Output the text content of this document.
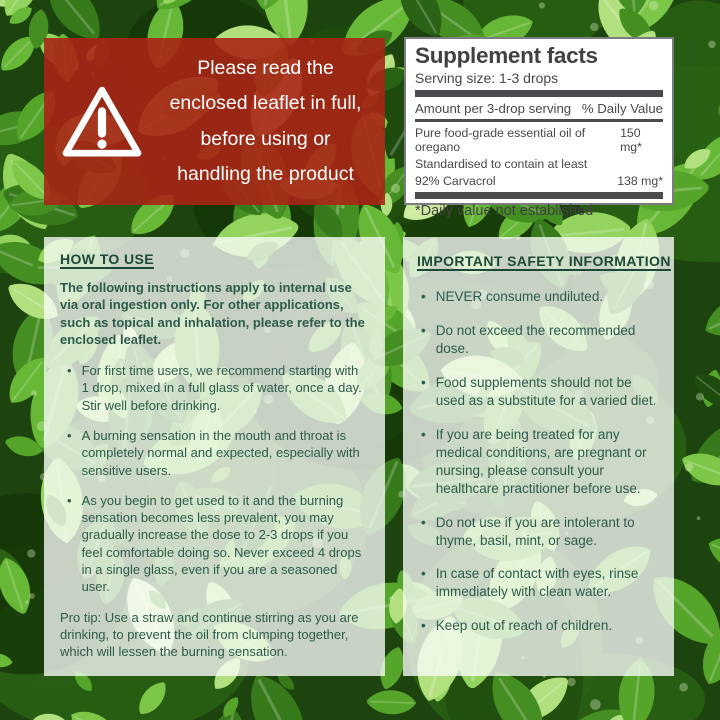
Please read the
enclosed leaflet in full,
before using or
handling the product
Supplement facts
Serving size: 1-3 drops
Amount per 3-drop serving % Daily Value
Pure food-grade essential oil of oregano
150 mg*
Standardised to contain at least
92% Carvacrol	138 mg*
*Daily value not established
HOW TO USE
The following instructions apply to internal use via oral ingestion only. For other applications, such as topical and inhalation, please refer to the enclosed leaflet.
• For first time users, we recommend starting with 1 drop, mixed in a full glass of water, once a day. Stir well before drinking.
• A burning sensation in the mouth and throat is completely normal and expected, especially with sensitive users.
• As you begin to get used to it and the burning sensation becomes less prevalent, you may gradually increase the dose to 2-3 drops if you feel comfortable doing so. Never exceed 4 drops in a single glass, even if you are a seasoned user.
Pro tip: Use a straw and continue stirring as you are drinking, to prevent the oil from clumping together, which will lessen the burning sensation.
IMPORTANT SAFETY INFORMATION
• NEVER consume undiluted.
• Do not exceed the recommended dose.
• Food supplements should not be used as a substitute for a varied diet.
• If you are being treated for any medical conditions, are pregnant or nursing, please consult your healthcare practitioner before use.
• Do not use if you are intolerant to thyme, basil, mint, or sage.
• In case of contact with eyes, rinse immediately with clean water.
• Keep out of reach of children.
